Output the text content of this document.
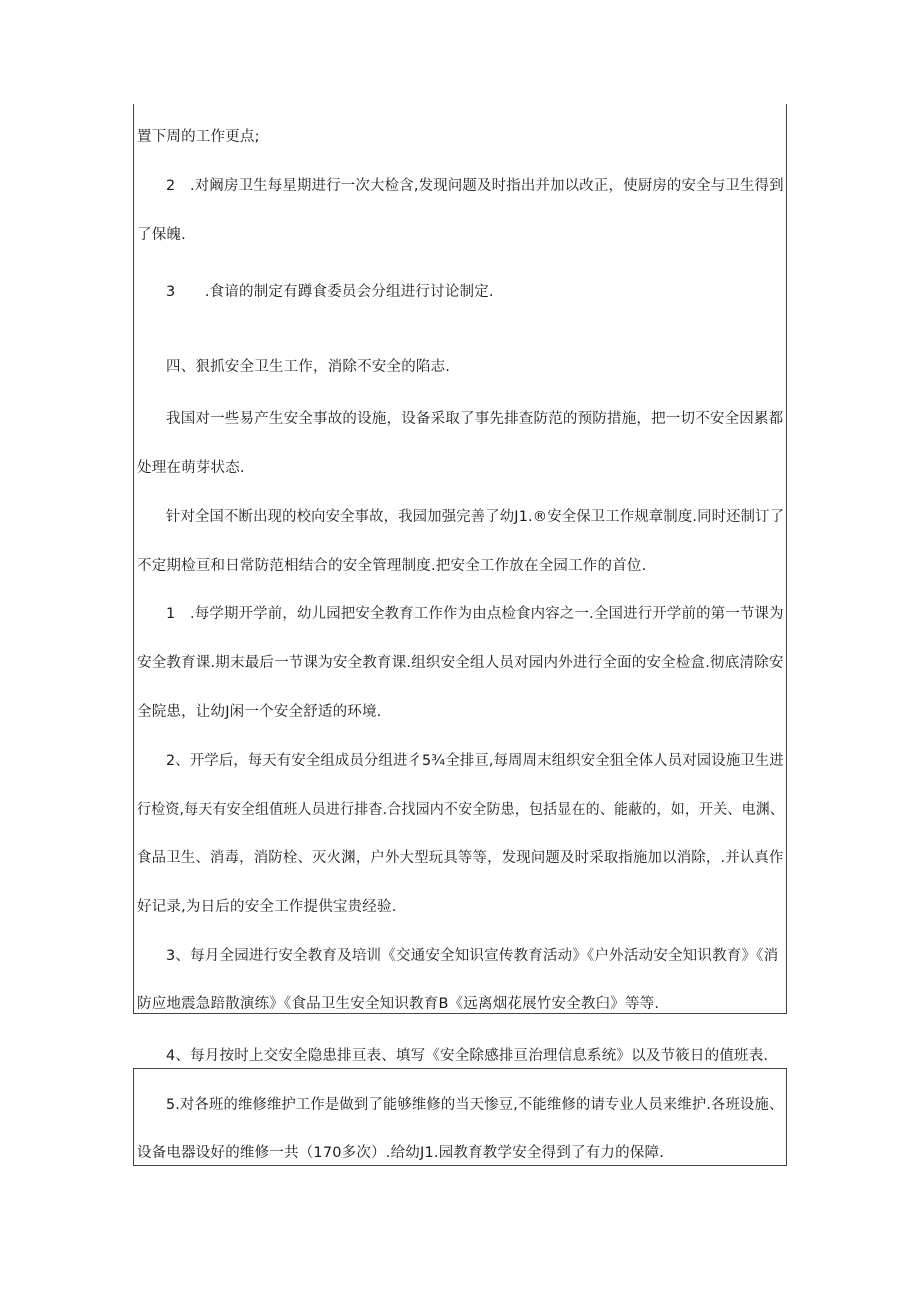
置下周的工作更点;
2　.对阚房卫生每星期进行一次大检含,发现问题及时指出并加以改正，使厨房的安全与卫生得到
了保魄.
3　　.食谙的制定有蹲食委员会分组进行讨论制定.
四、狠抓安全卫生工作，消除不安全的陷志.
我国对一些易产生安全事故的设施，设备采取了事先排查防范的预防措施，把一切不安全因累都
处理在萌芽状态.
针对全国不断出现的校向安全事故，我园加强完善了幼J1.®安全保卫工作规章制度.同时还制订了
不定期检亘和日常防范相结合的安全管理制度.把安全工作放在全园工作的首位.
1　.每学期开学前，幼儿园把安全教育工作作为由点检食内容之一.全国进行开学前的第一节课为
安全教育课.期末最后一节课为安全教育课.组织安全组人员对园内外进行全面的安全检盒.彻底清除安
全院患，让幼J闲一个安全舒适的环境.
2、开学后，每天有安全组成员分组进彳5¾全排亘,每周周末组织安全狙全体人员对园设施卫生进
行检资,每天有安全组值班人员进行排杳.合找园内不安全防患，包括显在的、能蔽的，如，开关、电渊、
食品卫生、消毒，消防栓、灭火渊，户外大型玩具等等，发现问题及时采取指施加以消除，.并认真作
好记录,为日后的安全工作提供宝贵经验.
3、每月全园进行安全教育及培训《交通安全知识宣传教育活动》《户外活动安全知识教育》《消
防应地震急踣散演练》《食品卫生安全知识教育B《远离烟花展竹安全教臼》等等.
4、每月按时上交安全隐患排亘表、填写《安全除感排亘治理信息系统》以及节筱日的值班表.
5.对各班的维修维护工作是做到了能够维修的当天惨豆,不能维修的请专业人员来维护.各班设施、
设备电器设好的维修一共（170多次）.给幼J1.园教育教学安全得到了有力的保障.
